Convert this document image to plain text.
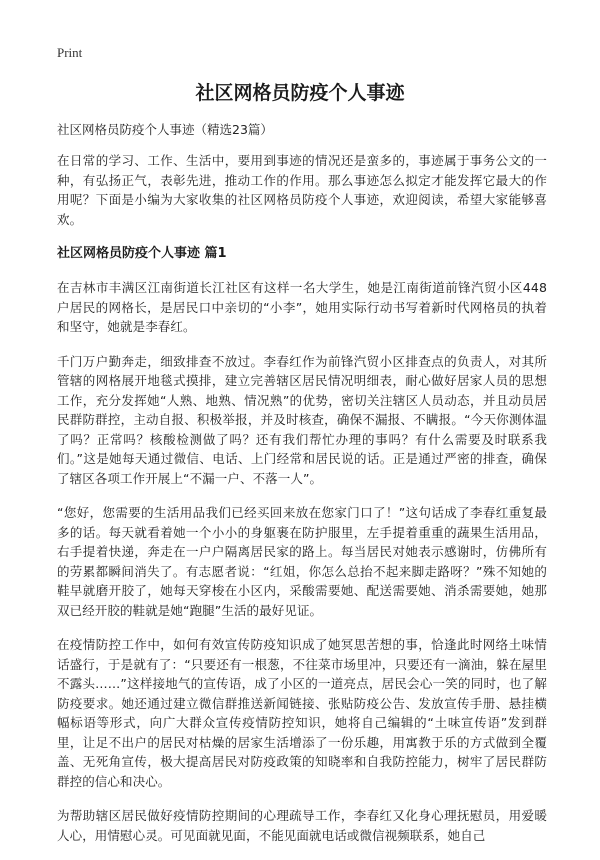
Print
社区网格员防疫个人事迹

社区网格员防疫个人事迹（精选23篇）

在日常的学习、工作、生活中，要用到事迹的情况还是蛮多的，事迹属于事务公文的一种，有弘扬正气，表彰先进，推动工作的作用。那么事迹怎么拟定才能发挥它最大的作用呢？下面是小编为大家收集的社区网格员防疫个人事迹，欢迎阅读，希望大家能够喜欢。

社区网格员防疫个人事迹 篇1

在吉林市丰满区江南街道长江社区有这样一名大学生，她是江南街道前锋汽贸小区448户居民的网格长，是居民口中亲切的“小李”，她用实际行动书写着新时代网格员的执着和坚守，她就是李春红。

千门万户勤奔走，细致排查不放过。李春红作为前锋汽贸小区排查点的负责人，对其所管辖的网格展开地毯式摸排，建立完善辖区居民情况明细表，耐心做好居家人员的思想工作，充分发挥她“人熟、地熟、情况熟”的优势，密切关注辖区人员动态，并且动员居民群防群控，主动自报、积极举报，并及时核查，确保不漏报、不瞒报。“今天你测体温了吗？正常吗？核酸检测做了吗？还有我们帮忙办理的事吗？有什么需要及时联系我们。”这是她每天通过微信、电话、上门经常和居民说的话。正是通过严密的排查，确保了辖区各项工作开展上“不漏一户、不落一人”。

“您好，您需要的生活用品我们已经买回来放在您家门口了！”这句话成了李春红重复最多的话。每天就看着她一个小小的身躯裹在防护服里，左手提着重重的蔬果生活用品，右手提着快递，奔走在一户户隔离居民家的路上。每当居民对她表示感谢时，仿佛所有的劳累都瞬间消失了。有志愿者说：“红姐，你怎么总抬不起来脚走路呀？”殊不知她的鞋早就磨开胶了，她每天穿梭在小区内，采酸需要她、配送需要她、消杀需要她，她那双已经开胶的鞋就是她“跑腿”生活的最好见证。

在疫情防控工作中，如何有效宣传防疫知识成了她冥思苦想的事，恰逢此时网络土味情话盛行，于是就有了：“只要还有一根葱，不往菜市场里冲，只要还有一滴油，躲在屋里不露头……”这样接地气的宣传语，成了小区的一道亮点，居民会心一笑的同时，也了解防疫要求。她还通过建立微信群推送新闻链接、张贴防疫公告、发放宣传手册、悬挂横幅标语等形式，向广大群众宣传疫情防控知识，她将自己编辑的“土味宣传语”发到群里，让足不出户的居民对枯燥的居家生活增添了一份乐趣，用寓教于乐的方式做到全覆盖、无死角宣传，极大提高居民对防疫政策的知晓率和自我防控能力，树牢了居民群防群控的信心和决心。

为帮助辖区居民做好疫情防控期间的心理疏导工作，李春红又化身心理抚慰员，用爱暖人心，用情慰心灵。可见面就见面，不能见面就电话或微信视频联系，她自己
